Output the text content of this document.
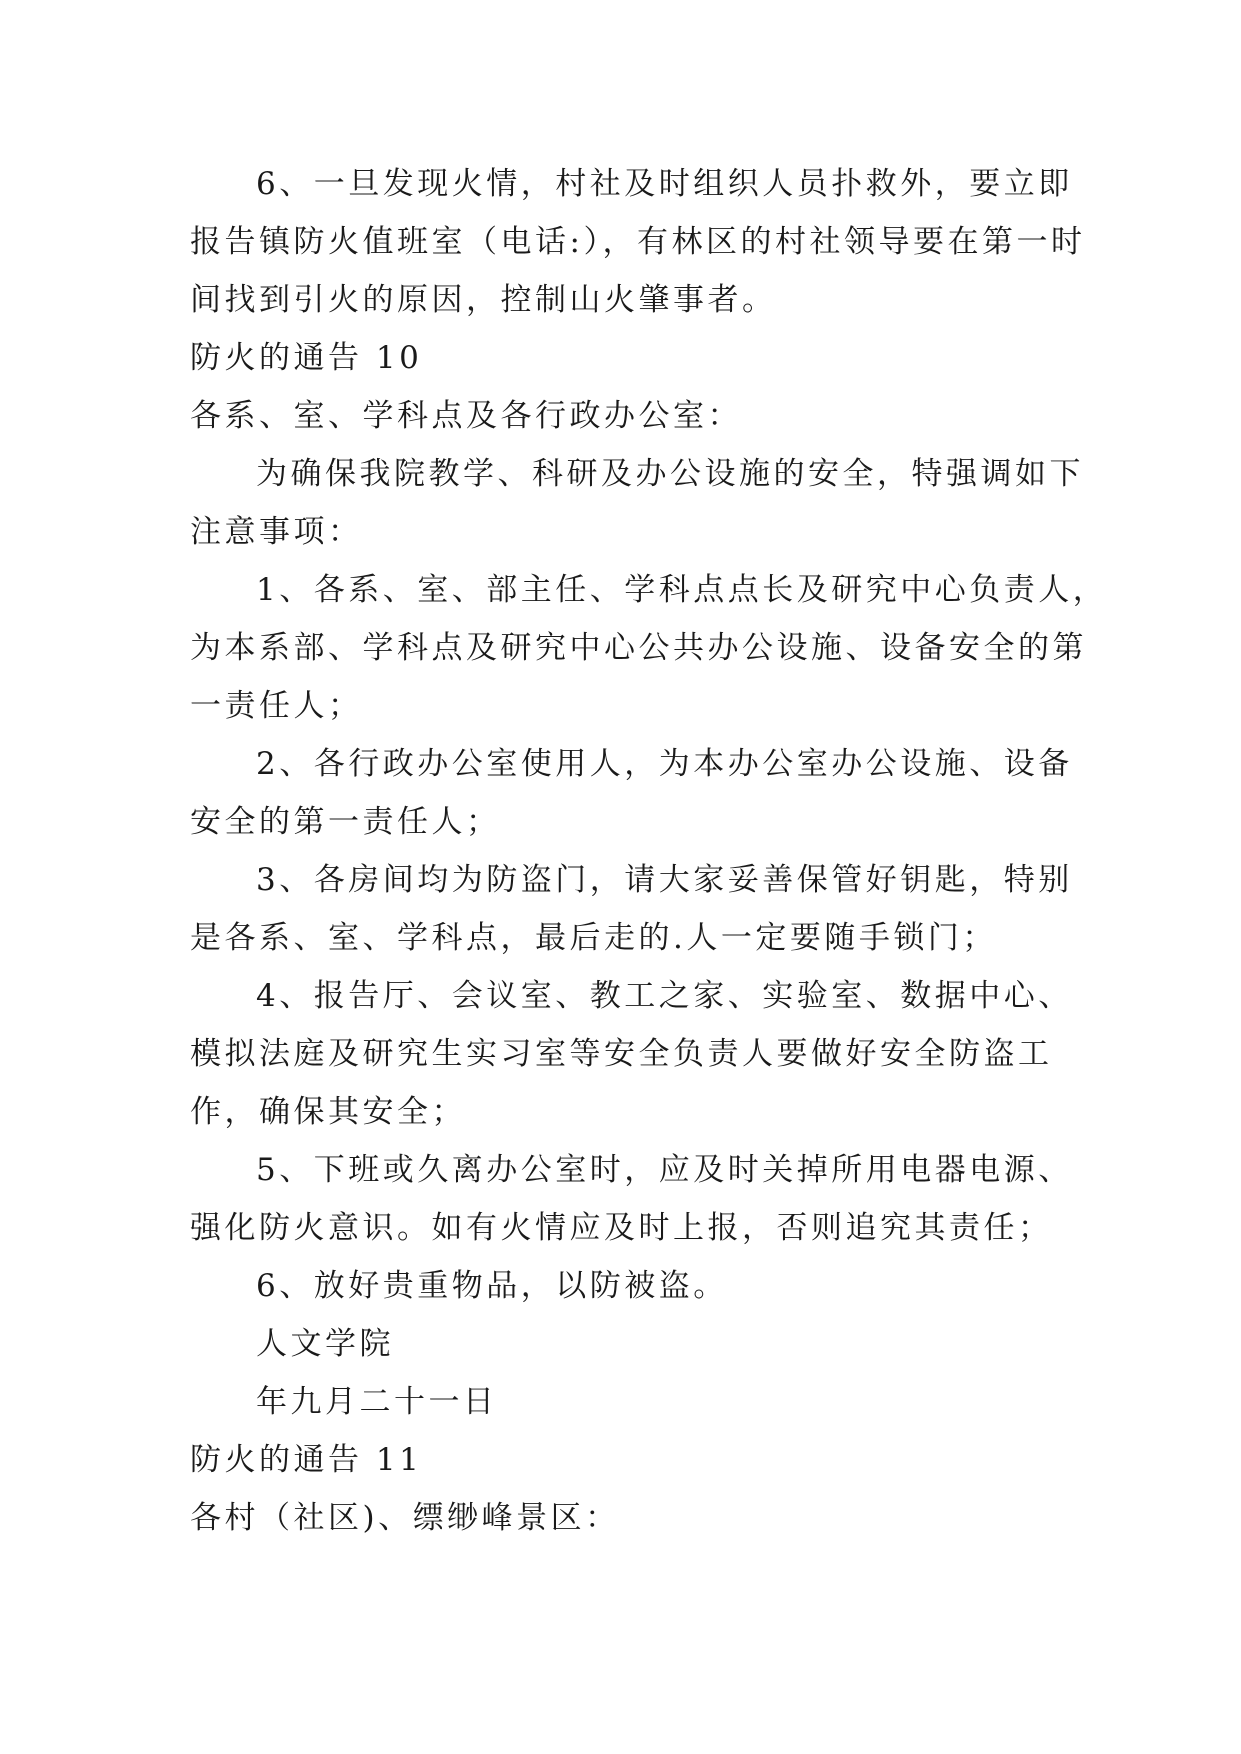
6、一旦发现火情，村社及时组织人员扑救外，要立即
报告镇防火值班室（电话:），有林区的村社领导要在第一时
间找到引火的原因，控制山火肇事者。
防火的通告 10
各系、室、学科点及各行政办公室：
为确保我院教学、科研及办公设施的安全，特强调如下
注意事项：
1、各系、室、部主任、学科点点长及研究中心负责人，
为本系部、学科点及研究中心公共办公设施、设备安全的第
一责任人；
2、各行政办公室使用人，为本办公室办公设施、设备
安全的第一责任人；
3、各房间均为防盗门，请大家妥善保管好钥匙，特别
是各系、室、学科点，最后走的.人一定要随手锁门；
4、报告厅、会议室、教工之家、实验室、数据中心、
模拟法庭及研究生实习室等安全负责人要做好安全防盗工
作，确保其安全；
5、下班或久离办公室时，应及时关掉所用电器电源、
强化防火意识。如有火情应及时上报，否则追究其责任；
6、放好贵重物品，以防被盗。
人文学院
年九月二十一日
防火的通告 11
各村（社区)、缥缈峰景区：
